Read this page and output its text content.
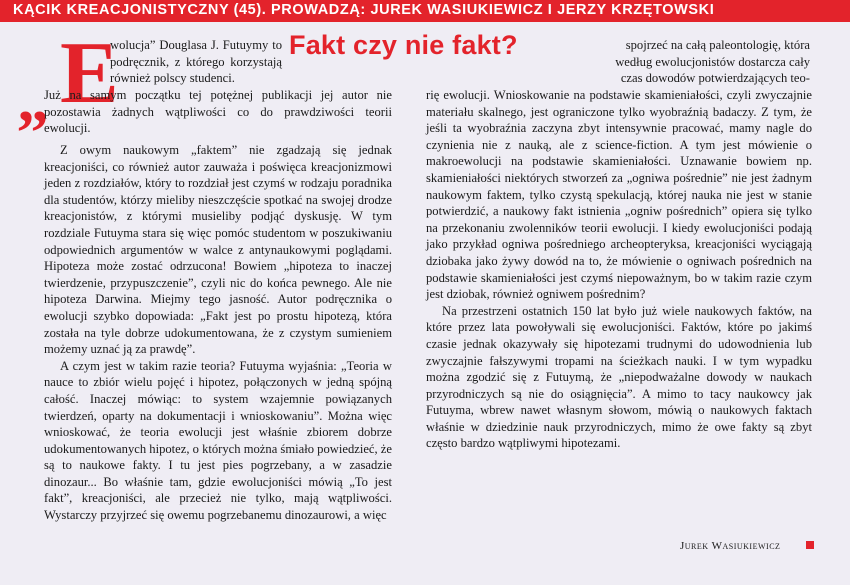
KĄCIK KREACJONISTYCZNY (45). PROWADZĄ: JUREK WASIUKIEWICZ I JERZY KRZĘTOWSKI
„ E	Fakt czy nie fakt?

wolucja” Douglasa J. Futuymy to podręcznik, z którego korzystają również polscy studenci.

Już na samym początku tej potężnej publikacji jej autor nie pozostawia żadnych wątpliwości co do prawdziwości teorii ewolucji.

Z owym naukowym „faktem” nie zgadzają się jednak kreacjoniści, co również autor zauważa i poświęca kreacjonizmowi jeden z rozdziałów, który to rozdział jest czymś w rodzaju poradnika dla studentów, którzy mieliby nieszczęście spotkać na swojej drodze kreacjonistów, z którymi musieliby podjąć dyskusję. W tym rozdziale Futuyma stara się więc pomóc studentom w poszukiwaniu odpowiednich argumentów w walce z antynaukowymi poglądami. Hipoteza może zostać odrzucona! Bowiem „hipoteza to inaczej twierdzenie, przypuszczenie”, czyli nic do końca pewnego. Ale nie hipoteza Darwina. Miejmy tego jasność. Autor podręcznika o ewolucji szybko dopowiada: „Fakt jest po prostu hipotezą, która została na tyle dobrze udokumentowana, że z czystym sumieniem możemy uznać ją za prawdę”.

A czym jest w takim razie teoria? Futuyma wyjaśnia: „Teoria w nauce to zbiór wielu pojęć i hipotez, połączonych w jedną spójną całość. Inaczej mówiąc: to system wzajemnie powiązanych twierdzeń, oparty na dokumentacji i wnioskowaniu”. Można więc wnioskować, że teoria ewolucji jest właśnie zbiorem dobrze udokumentowanych hipotez, o których można śmiało powiedzieć, że są to naukowe fakty. I tu jest pies pogrzebany, a w zasadzie dinozaur... Bo właśnie tam, gdzie ewolucjoniści mówią „To jest fakt”, kreacjoniści, ale przecież nie tylko, mają wątpliwości. Wystarczy przyjrzeć się owemu pogrzebanemu dinozaurowi, a więc

spojrzeć na całą paleontologię, która według ewolucjonistów dostarcza cały czas dowodów potwierdzających teo-

rię ewolucji. Wnioskowanie na podstawie skamieniałości, czyli zwyczajnie materiału skalnego, jest ograniczone tylko wyobraźnią badaczy. Z tym, że jeśli ta wyobraźnia zaczyna zbyt intensywnie pracować, mamy nagle do czynienia nie z nauką, ale z science-fiction. A tym jest mówienie o makroewolucji na podstawie skamieniałości. Uznawanie bowiem np. skamieniałości niektórych stworzeń za „ogniwa pośrednie” nie jest żadnym naukowym faktem, tylko czystą spekulacją, której nauka nie jest w stanie potwierdzić, a naukowy fakt istnienia „ogniw pośrednich” opiera się tylko na przekonaniu zwolenników teorii ewolucji. I kiedy ewolucjoniści podają jako przykład ogniwa pośredniego archeopteryksa, kreacjoniści wyciągają dziobaka jako żywy dowód na to, że mówienie o ogniwach pośrednich na podstawie skamieniałości jest czymś niepoważnym, bo w takim razie czym jest dziobak, również ogniwem pośrednim?

Na przestrzeni ostatnich 150 lat było już wiele naukowych faktów, na które przez lata powoływali się ewolucjoniści. Faktów, które po jakimś czasie jednak okazywały się hipotezami trudnymi do udowodnienia lub zwyczajnie fałszywymi tropami na ścieżkach nauki. I w tym wypadku można zgodzić się z Futuymą, że „niepodważalne dowody w naukach przyrodniczych są nie do osiągnięcia”. A mimo to tacy naukowcy jak Futuyma, wbrew nawet własnym słowom, mówią o naukowych faktach właśnie w dziedzinie nauk przyrodniczych, mimo że owe fakty są zbyt często bardzo wątpliwymi hipotezami.

Jurek Wasiukiewicz
